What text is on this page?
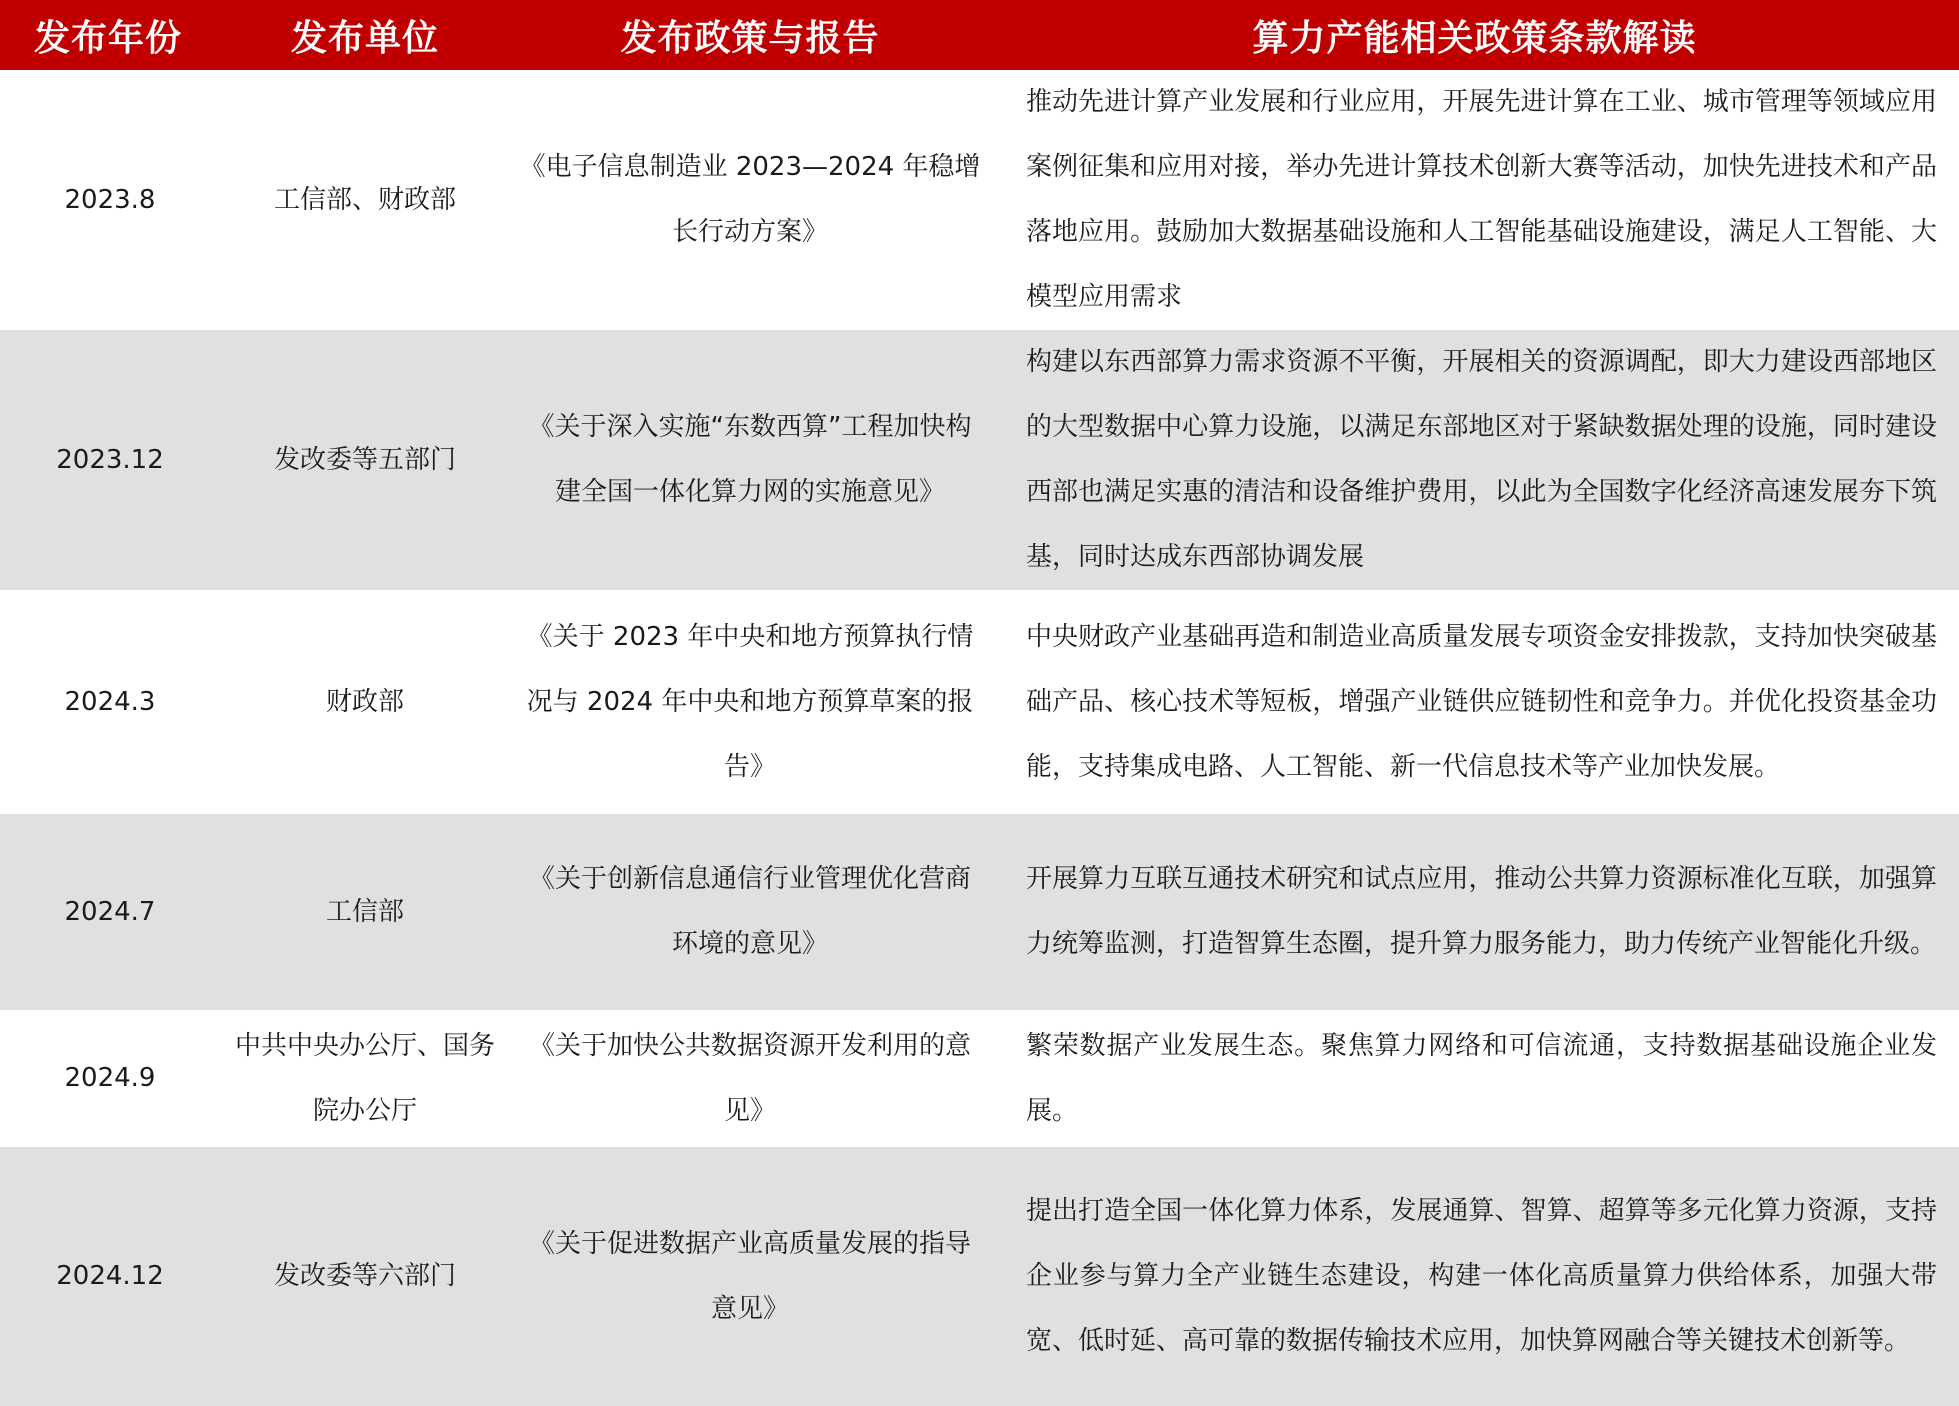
发布年份	发布单位	发布政策与报告	算力产能相关政策条款解读
2023.8	工信部、财政部	《电子信息制造业 2023—2024 年稳增长行动方案》	推动先进计算产业发展和行业应用，开展先进计算在工业、城市管理等领域应用案例征集和应用对接，举办先进计算技术创新大赛等活动，加快先进技术和产品落地应用。鼓励加大数据基础设施和人工智能基础设施建设，满足人工智能、大模型应用需求
2023.12	发改委等五部门	《关于深入实施“东数西算”工程加快构建全国一体化算力网的实施意见》	构建以东西部算力需求资源不平衡，开展相关的资源调配，即大力建设西部地区的大型数据中心算力设施，以满足东部地区对于紧缺数据处理的设施，同时建设西部也满足实惠的清洁和设备维护费用，以此为全国数字化经济高速发展夯下筑基，同时达成东西部协调发展
2024.3	财政部	《关于 2023 年中央和地方预算执行情况与 2024 年中央和地方预算草案的报告》	中央财政产业基础再造和制造业高质量发展专项资金安排拨款，支持加快突破基础产品、核心技术等短板，增强产业链供应链韧性和竞争力。并优化投资基金功能，支持集成电路、人工智能、新一代信息技术等产业加快发展。
2024.7	工信部	《关于创新信息通信行业管理优化营商环境的意见》	开展算力互联互通技术研究和试点应用，推动公共算力资源标准化互联，加强算力统筹监测，打造智算生态圈，提升算力服务能力，助力传统产业智能化升级。
2024.9	中共中央办公厅、国务院办公厅	《关于加快公共数据资源开发利用的意见》	繁荣数据产业发展生态。聚焦算力网络和可信流通，支持数据基础设施企业发展。
2024.12	发改委等六部门	《关于促进数据产业高质量发展的指导意见》	提出打造全国一体化算力体系，发展通算、智算、超算等多元化算力资源，支持企业参与算力全产业链生态建设，构建一体化高质量算力供给体系，加强大带宽、低时延、高可靠的数据传输技术应用，加快算网融合等关键技术创新等。
